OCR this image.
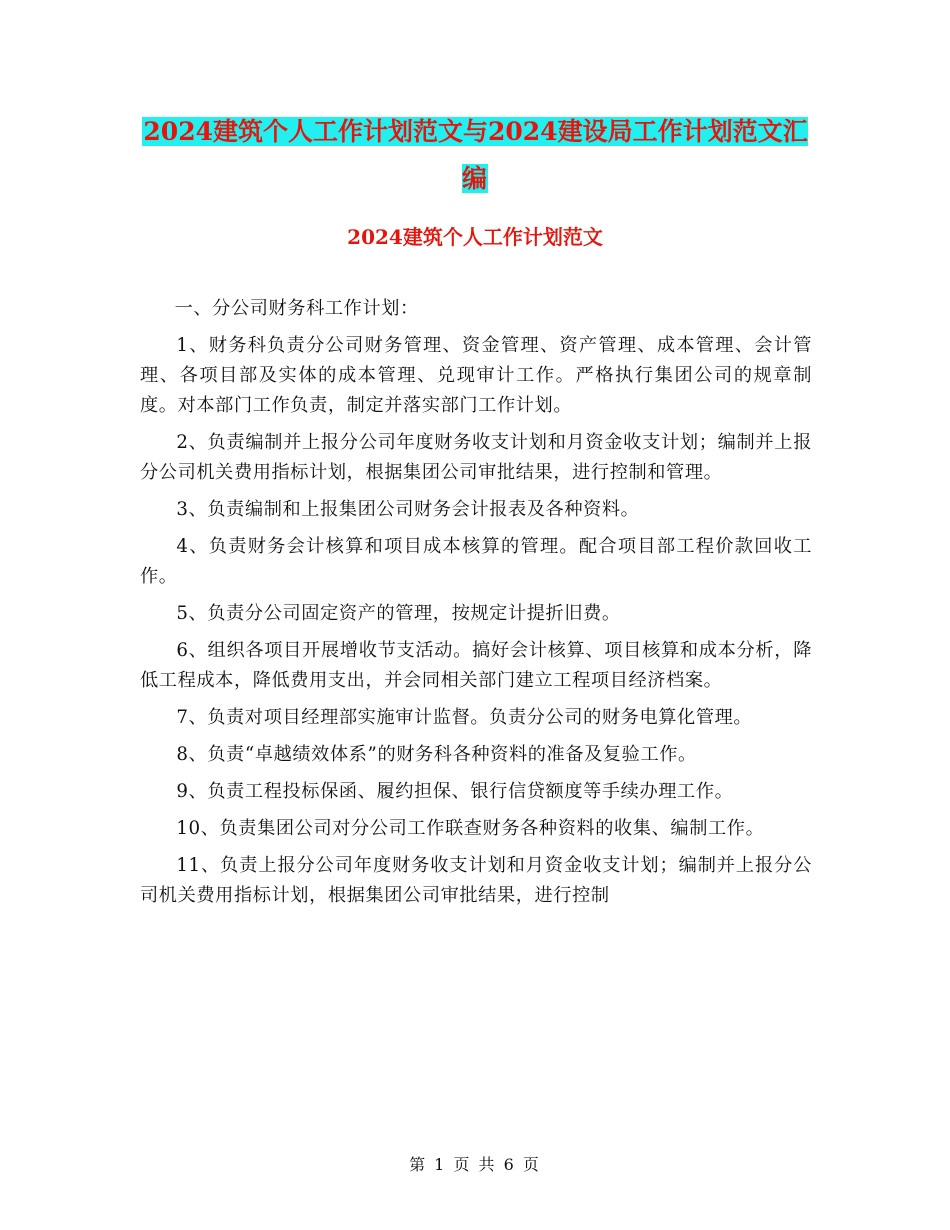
2024建筑个人工作计划范文与2024建设局工作计划范文汇编
2024建筑个人工作计划范文

一、分公司财务科工作计划：

1、财务科负责分公司财务管理、资金管理、资产管理、成本管理、会计管理、各项目部及实体的成本管理、兑现审计工作。严格执行集团公司的规章制度。对本部门工作负责，制定并落实部门工作计划。

2、负责编制并上报分公司年度财务收支计划和月资金收支计划；编制并上报分公司机关费用指标计划，根据集团公司审批结果，进行控制和管理。

3、负责编制和上报集团公司财务会计报表及各种资料。

4、负责财务会计核算和项目成本核算的管理。配合项目部工程价款回收工作。

5、负责分公司固定资产的管理，按规定计提折旧费。

6、组织各项目开展增收节支活动。搞好会计核算、项目核算和成本分析，降低工程成本，降低费用支出，并会同相关部门建立工程项目经济档案。

7、负责对项目经理部实施审计监督。负责分公司的财务电算化管理。

8、负责“卓越绩效体系”的财务科各种资料的准备及复验工作。

9、负责工程投标保函、履约担保、银行信贷额度等手续办理工作。

10、负责集团公司对分公司工作联查财务各种资料的收集、编制工作。

11、负责上报分公司年度财务收支计划和月资金收支计划；编制并上报分公司机关费用指标计划，根据集团公司审批结果，进行控制

第 1 页 共 6 页
